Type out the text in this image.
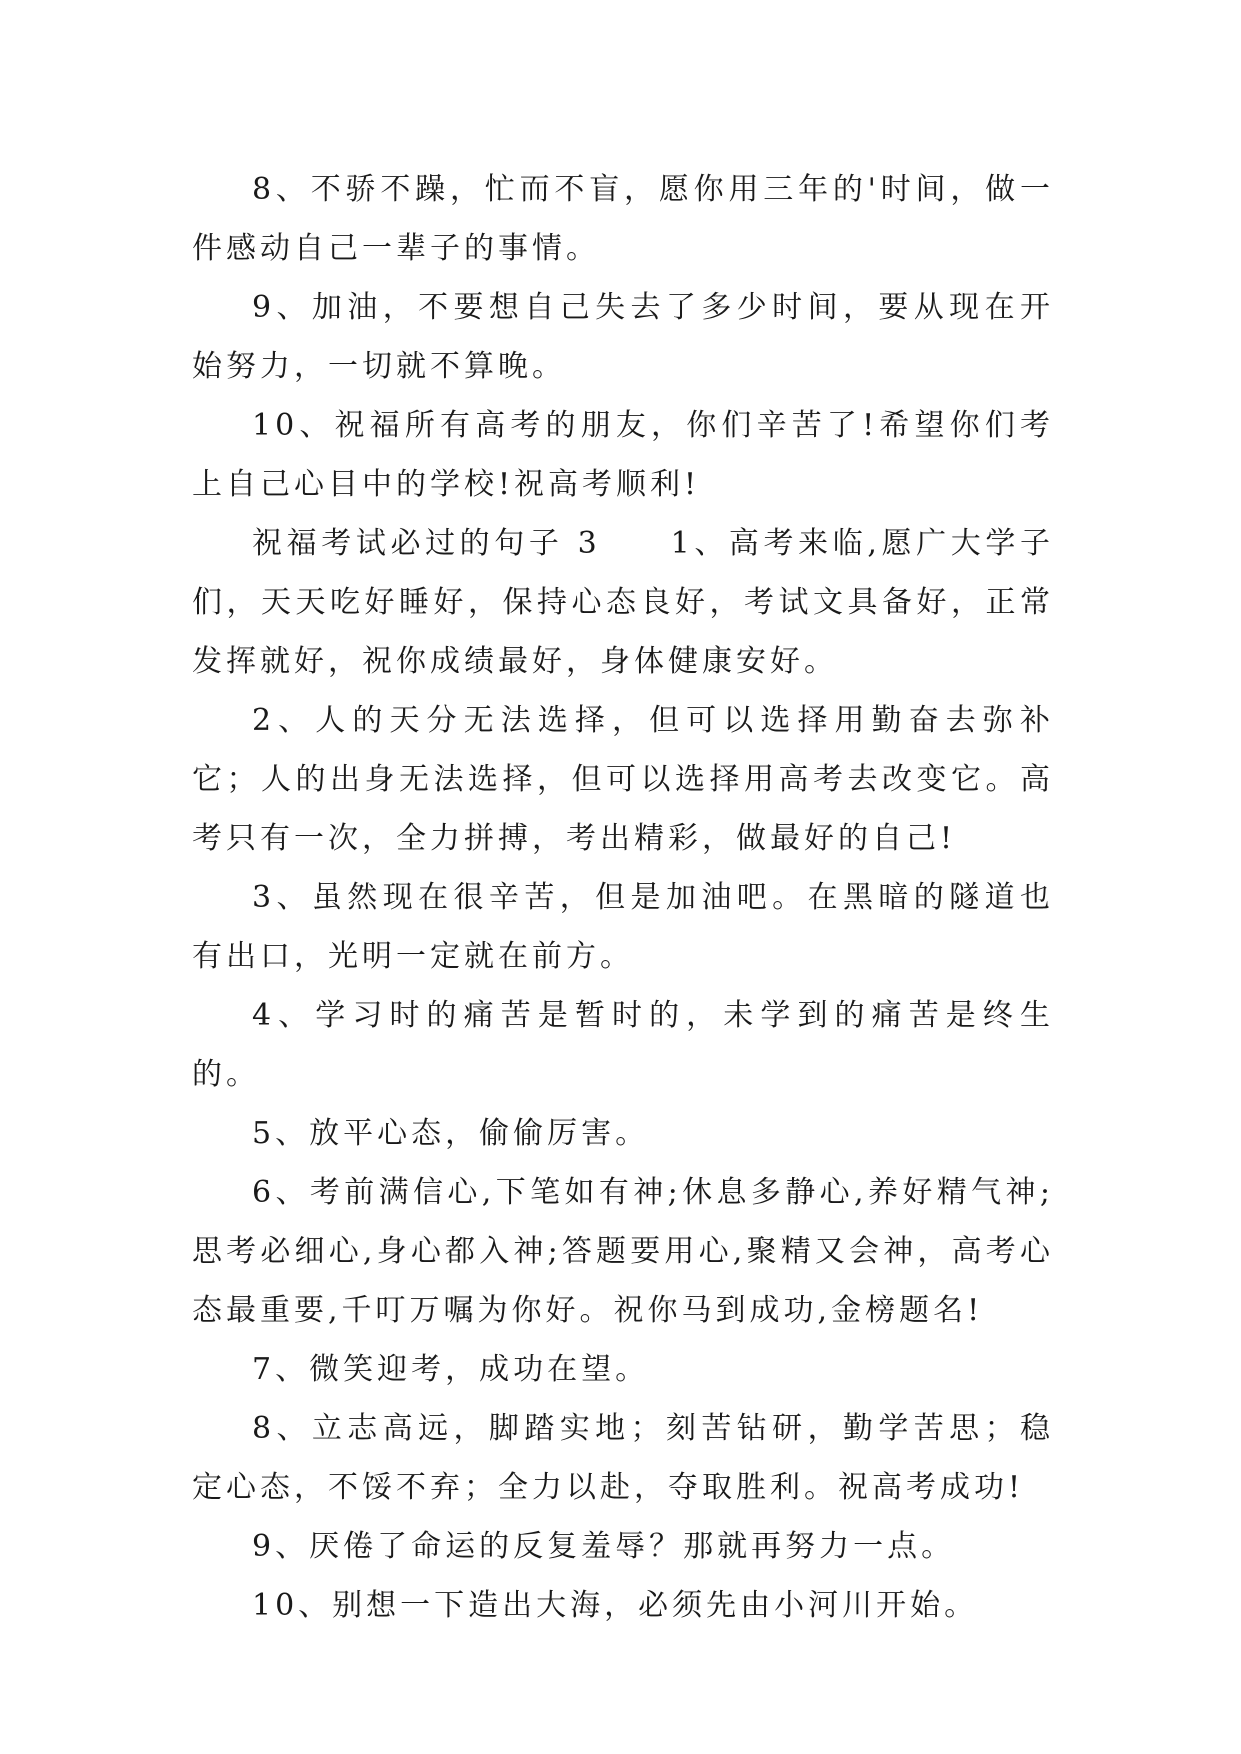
8、不骄不躁，忙而不盲，愿你用三年的'时间，做一件感动自己一辈子的事情。

9、加油，不要想自己失去了多少时间，要从现在开始努力，一切就不算晚。

10、祝福所有高考的朋友，你们辛苦了!希望你们考上自己心目中的学校!祝高考顺利!

祝福考试必过的句子 3　　1、高考来临,愿广大学子们，天天吃好睡好，保持心态良好，考试文具备好，正常发挥就好，祝你成绩最好，身体健康安好。

2、人的天分无法选择，但可以选择用勤奋去弥补它；人的出身无法选择，但可以选择用高考去改变它。高考只有一次，全力拼搏，考出精彩，做最好的自己!

3、虽然现在很辛苦，但是加油吧。在黑暗的隧道也有出口，光明一定就在前方。

4、学习时的痛苦是暂时的，未学到的痛苦是终生的。

5、放平心态，偷偷厉害。

6、考前满信心,下笔如有神;休息多静心,养好精气神;思考必细心,身心都入神;答题要用心,聚精又会神，高考心态最重要,千叮万嘱为你好。祝你马到成功,金榜题名!

7、微笑迎考，成功在望。

8、立志高远，脚踏实地；刻苦钻研，勤学苦思；稳定心态，不馁不弃；全力以赴，夺取胜利。祝高考成功!

9、厌倦了命运的反复羞辱？那就再努力一点。

10、别想一下造出大海，必须先由小河川开始。
